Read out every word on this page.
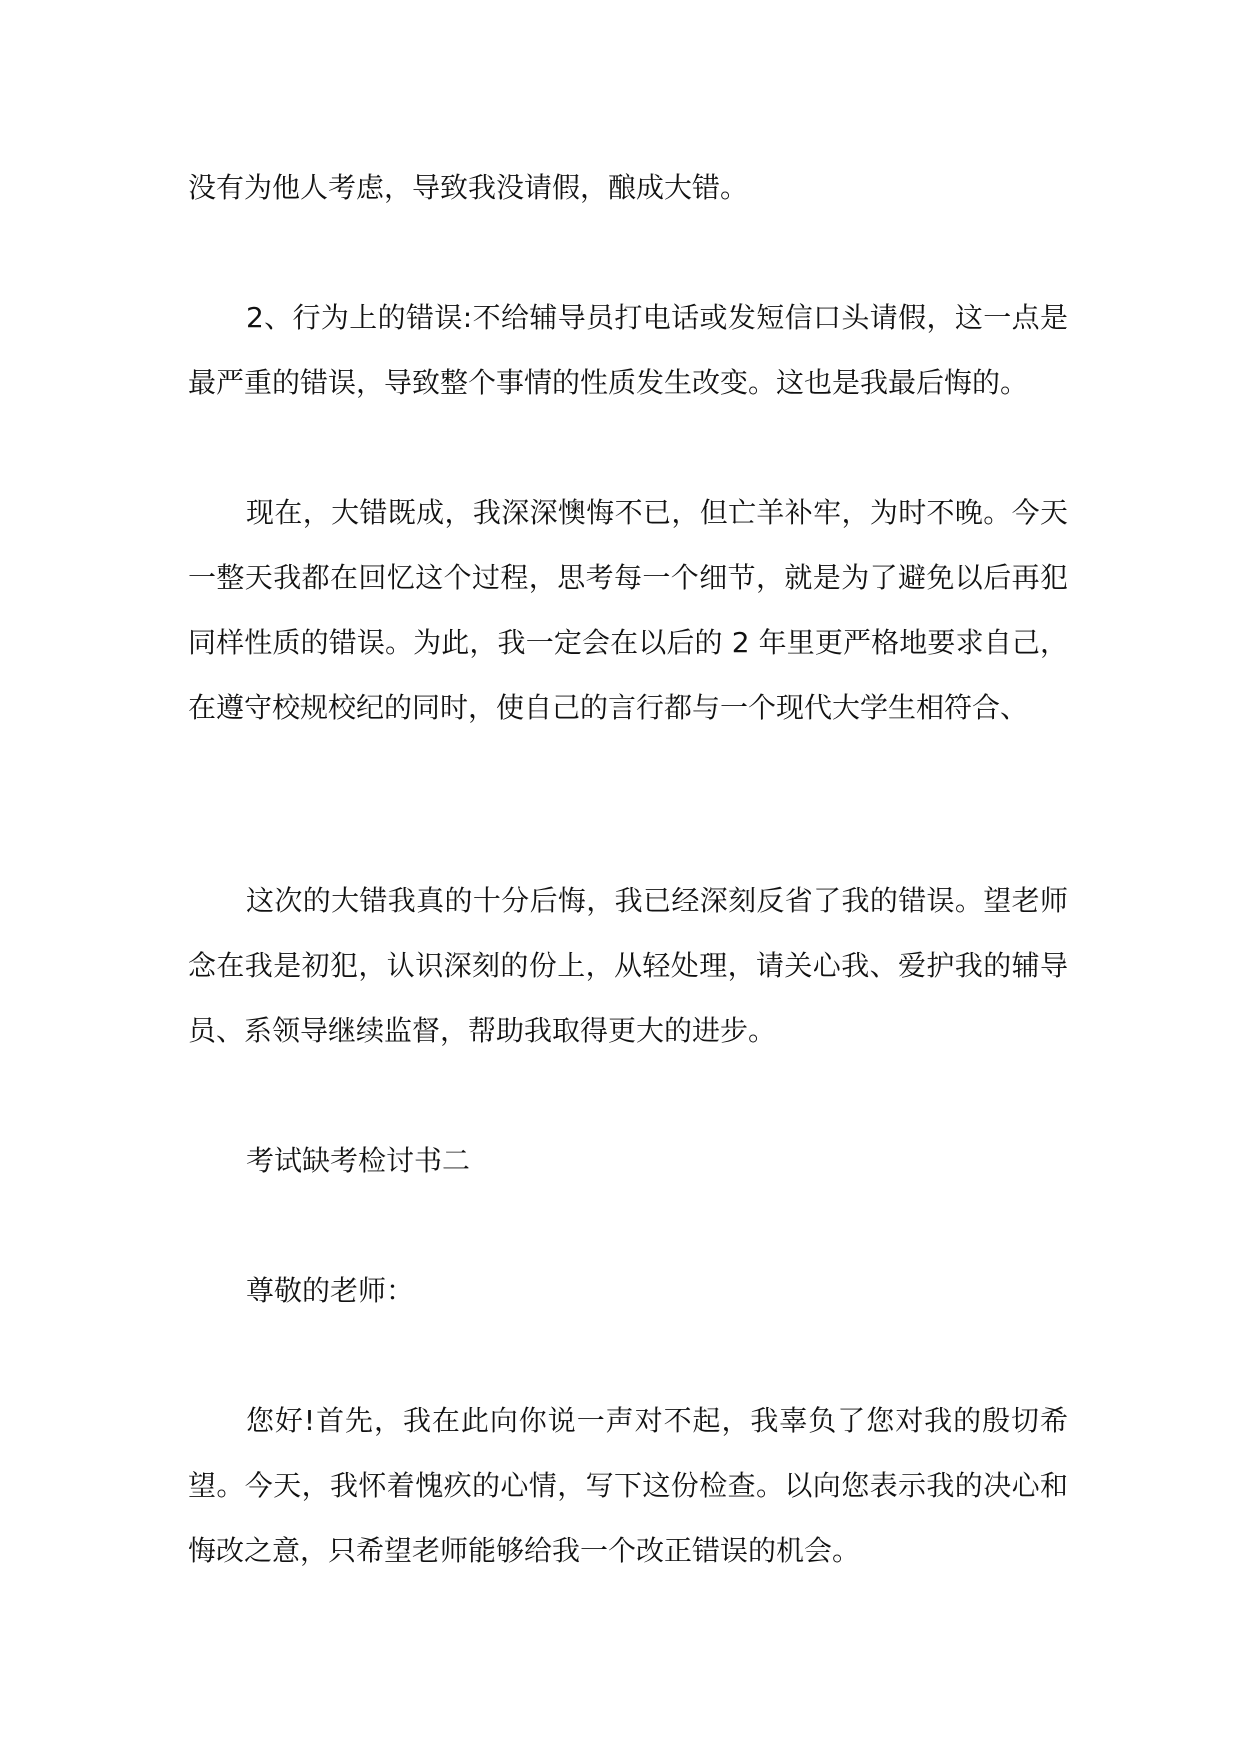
没有为他人考虑，导致我没请假，酿成大错。

2、行为上的错误:不给辅导员打电话或发短信口头请假，这一点是最严重的错误，导致整个事情的性质发生改变。这也是我最后悔的。

现在，大错既成，我深深懊悔不已，但亡羊补牢，为时不晚。今天一整天我都在回忆这个过程，思考每一个细节，就是为了避免以后再犯同样性质的错误。为此，我一定会在以后的 2 年里更严格地要求自己，在遵守校规校纪的同时，使自己的言行都与一个现代大学生相符合、

这次的大错我真的十分后悔，我已经深刻反省了我的错误。望老师念在我是初犯，认识深刻的份上，从轻处理，请关心我、爱护我的辅导员、系领导继续监督，帮助我取得更大的进步。

考试缺考检讨书二

尊敬的老师：

您好!首先，我在此向你说一声对不起，我辜负了您对我的殷切希望。今天，我怀着愧疚的心情，写下这份检查。以向您表示我的决心和悔改之意，只希望老师能够给我一个改正错误的机会。
